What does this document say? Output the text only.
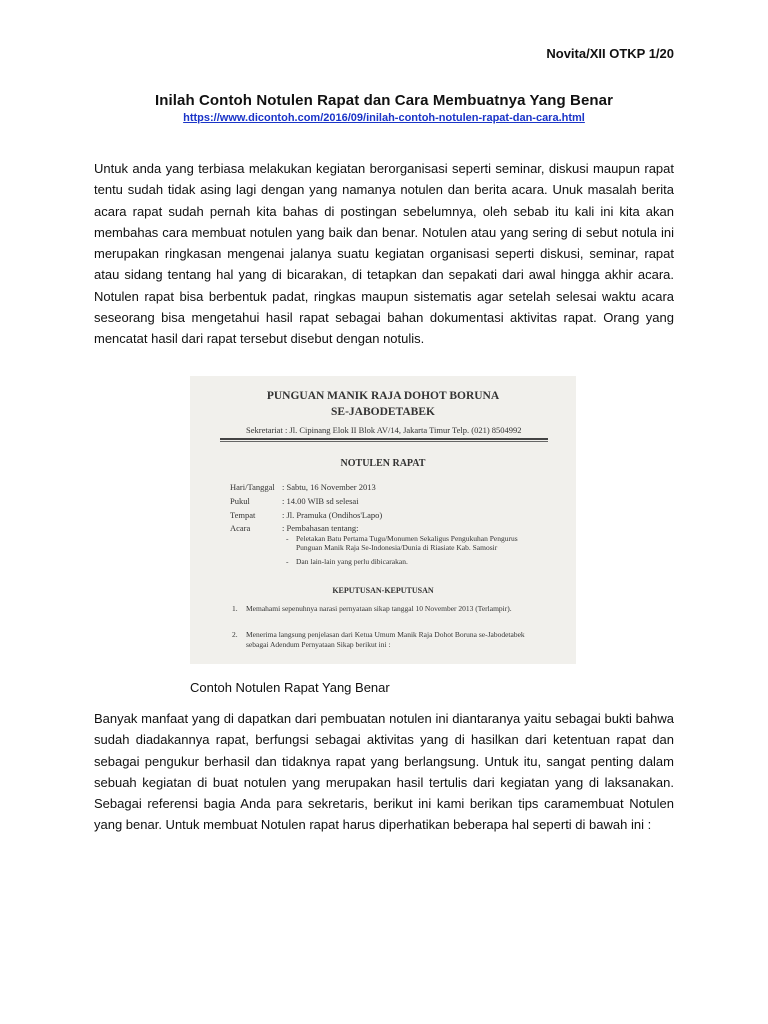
Novita/XII OTKP 1/20
Inilah Contoh Notulen Rapat dan Cara Membuatnya Yang Benar
https://www.dicontoh.com/2016/09/inilah-contoh-notulen-rapat-dan-cara.html

Untuk anda yang terbiasa melakukan kegiatan berorganisasi seperti seminar, diskusi maupun rapat tentu sudah tidak asing lagi dengan yang namanya notulen dan berita acara. Unuk masalah berita acara rapat sudah pernah kita bahas di postingan sebelumnya, oleh sebab itu kali ini kita akan membahas cara membuat notulen yang baik dan benar. Notulen atau yang sering di sebut notula ini merupakan ringkasan mengenai jalanya suatu kegiatan organisasi seperti diskusi, seminar, rapat atau sidang tentang hal yang di bicarakan, di tetapkan dan sepakati dari awal hingga akhir acara. Notulen rapat bisa berbentuk padat, ringkas maupun sistematis agar setelah selesai waktu acara seseorang bisa mengetahui hasil rapat sebagai bahan dokumentasi aktivitas rapat. Orang yang mencatat hasil dari rapat tersebut disebut dengan notulis.

PUNGUAN MANIK RAJA DOHOT BORUNA
SE-JABODETABEK
Sekretariat : Jl. Cipinang Elok II Blok AV/14, Jakarta Timur Telp. (021) 8504992
NOTULEN RAPAT
Hari/Tanggal : Sabtu, 16 November 2013
Pukul	: 14.00 WIB sd selesai
Tempat	: Jl. Pramuka (Ondihos'Lapo)
Acara	: Pembahasan tentang:
- Peletakan Batu Pertama Tugu/Monumen Sekaligus Pengukuhan Pengurus Punguan Manik Raja Se-Indonesia/Dunia di Riasiate Kab. Samosir
- Dan lain-lain yang perlu dibicarakan.
KEPUTUSAN-KEPUTUSAN
1.	Memahami sepenuhnya narasi pernyataan sikap tanggal 10 November 2013 (Terlampir).
2.	Menerima langsung penjelasan dari Ketua Umum Manik Raja Dohot Boruna se-Jabodetabek sebagai Adendum Pernyataan Sikap berikut ini :
Contoh Notulen Rapat Yang Benar

Banyak manfaat yang di dapatkan dari pembuatan notulen ini diantaranya yaitu sebagai bukti bahwa sudah diadakannya rapat, berfungsi sebagai aktivitas yang di hasilkan dari ketentuan rapat dan sebagai pengukur berhasil dan tidaknya rapat yang berlangsung. Untuk itu, sangat penting dalam sebuah kegiatan di buat notulen yang merupakan hasil tertulis dari kegiatan yang di laksanakan. Sebagai referensi bagia Anda para sekretaris, berikut ini kami berikan tips caramembuat Notulen yang benar. Untuk membuat Notulen rapat harus diperhatikan beberapa hal seperti di bawah ini :
